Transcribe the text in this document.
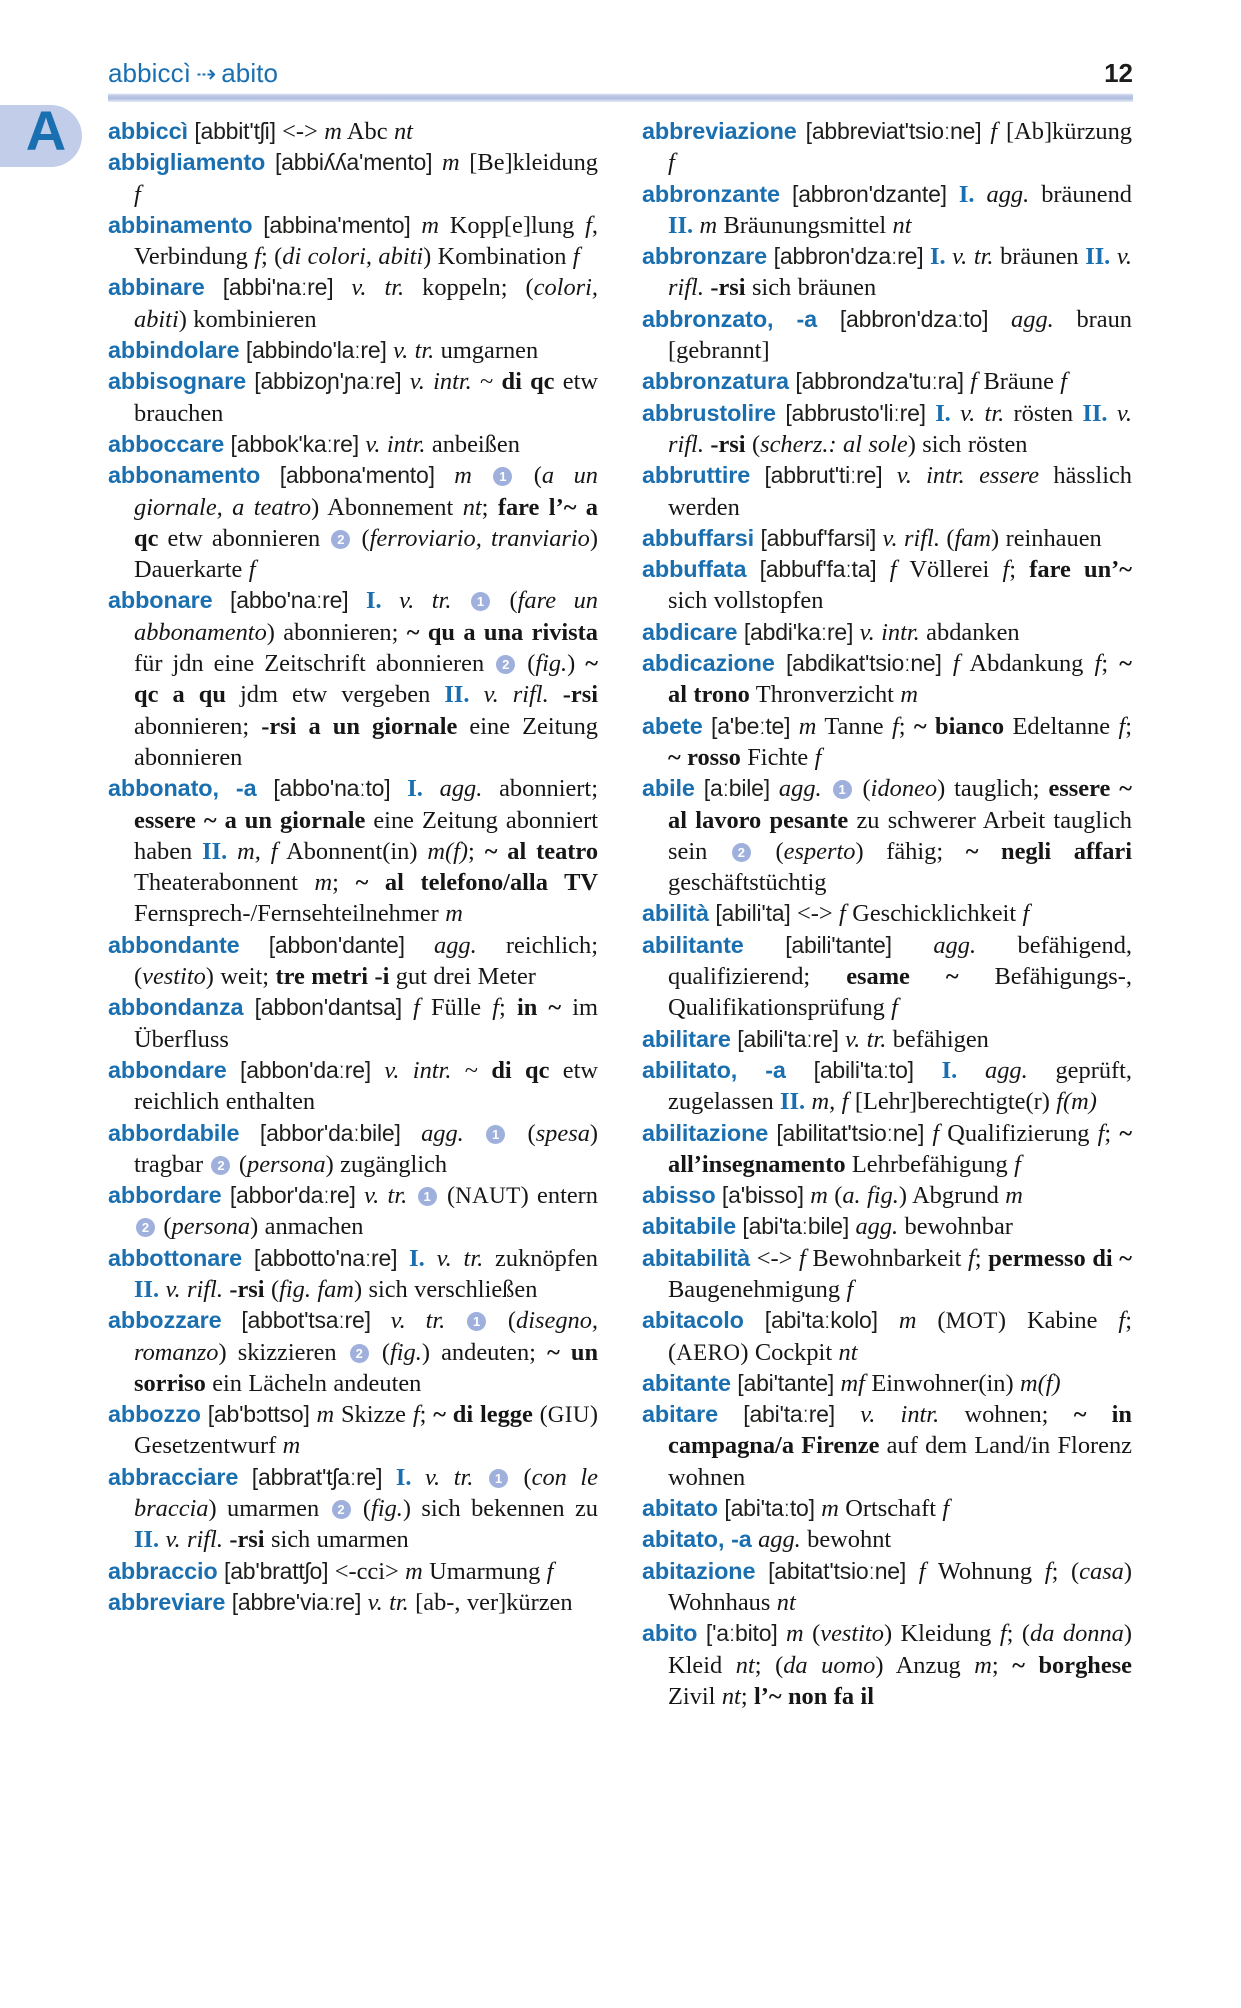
abbiccì ⇢ abito	12
A	abbiccì [abbit'tʃi] <-> m Abc nt

abbigliamento [abbiʎʎa'mento] m [Be]kleidung f

abbinamento [abbina'mento] m Kopp[e]lung f, Verbindung f; (di colori, abiti) Kombination f

abbinare [abbi'naːre] v. tr. koppeln; (colori, abiti) kombinieren

abbindolare [abbindo'laːre] v. tr. umgarnen

abbisognare [abbizoɲ'ɲaːre] v. intr. ~ di qc etw brauchen

abboccare [abbok'kaːre] v. intr. anbeißen

abbonamento [abbona'mento] m 1 (a un giornale, a teatro) Abonnement nt; fare l’~ a qc etw abonnieren 2 (ferroviario, tranviario) Dauerkarte f

abbonare [abbo'naːre] I. v. tr. 1 (fare un abbonamento) abonnieren; ~ qu a una rivista für jdn eine Zeitschrift abonnieren 2 (fig.) ~ qc a qu jdm etw vergeben II. v. rifl. -rsi abonnieren; -rsi a un giornale eine Zeitung abonnieren

abbonato, -a [abbo'naːto] I. agg. abonniert; essere ~ a un giornale eine Zeitung abonniert haben II. m, f Abonnent(in) m(f); ~ al teatro Theaterabonnent m; ~ al telefono/alla TV Fernsprech-/Fernsehteilnehmer m

abbondante [abbon'dante] agg. reichlich; (vestito) weit; tre metri -i gut drei Meter

abbondanza [abbon'dantsa] f Fülle f; in ~ im Überfluss

abbondare [abbon'daːre] v. intr. ~ di qc etw reichlich enthalten

abbordabile [abbor'daːbile] agg. 1 (spesa) tragbar 2 (persona) zugänglich

abbordare [abbor'daːre] v. tr. 1 (NAUT) entern 2 (persona) anmachen

abbottonare [abbotto'naːre] I. v. tr. zuknöpfen II. v. rifl. -rsi (fig. fam) sich verschließen

abbozzare [abbot'tsaːre] v. tr. 1 (disegno, romanzo) skizzieren 2 (fig.) andeuten; ~ un sorriso ein Lächeln andeuten

abbozzo [ab'bɔttso] m Skizze f; ~ di legge (GIU) Gesetzentwurf m

abbracciare [abbrat'tʃaːre] I. v. tr. 1 (con le braccia) umarmen 2 (fig.) sich bekennen zu II. v. rifl. -rsi sich umarmen

abbraccio [ab'brattʃo] <-cci> m Umarmung f

abbreviare [abbre'viaːre] v. tr. [ab-, ver]kürzen

abbreviazione [abbreviat'tsioːne] f [Ab]kürzung f

abbronzante [abbron'dzante] I. agg. bräunend II. m Bräunungsmittel nt

abbronzare [abbron'dzaːre] I. v. tr. bräunen II. v. rifl. -rsi sich bräunen

abbronzato, -a [abbron'dzaːto] agg. braun [gebrannt]

abbronzatura [abbrondza'tuːra] f Bräune f

abbrustolire [abbrusto'liːre] I. v. tr. rösten II. v. rifl. -rsi (scherz.: al sole) sich rösten

abbruttire [abbrut'tiːre] v. intr. essere hässlich werden

abbuffarsi [abbuf'farsi] v. rifl. (fam) reinhauen

abbuffata [abbuf'faːta] f Völlerei f; fare un’~ sich vollstopfen

abdicare [abdi'kaːre] v. intr. abdanken

abdicazione [abdikat'tsioːne] f Abdankung f; ~ al trono Thronverzicht m

abete [a'beːte] m Tanne f; ~ bianco Edeltanne f; ~ rosso Fichte f

abile [aːbile] agg. 1 (idoneo) tauglich; essere ~ al lavoro pesante zu schwerer Arbeit tauglich sein 2 (esperto) fähig; ~ negli affari geschäftstüchtig

abilità [abili'ta] <-> f Geschicklichkeit f

abilitante [abili'tante] agg. befähigend, qualifizierend; esame ~ Befähigungs-, Qualifikationsprüfung f

abilitare [abili'taːre] v. tr. befähigen

abilitato, -a [abili'taːto] I. agg. geprüft, zugelassen II. m, f [Lehr]berechtigte(r) f(m)

abilitazione [abilitat'tsioːne] f Qualifizierung f; ~ all’insegnamento Lehrbefähigung f

abisso [a'bisso] m (a. fig.) Abgrund m

abitabile [abi'taːbile] agg. bewohnbar

abitabilità <-> f Bewohnbarkeit f; permesso di ~ Baugenehmigung f

abitacolo [abi'taːkolo] m (MOT) Kabine f; (AERO) Cockpit nt

abitante [abi'tante] mf Einwohner(in) m(f)

abitare [abi'taːre] v. intr. wohnen; ~ in campagna/a Firenze auf dem Land/in Florenz wohnen

abitato [abi'taːto] m Ortschaft f

abitato, -a agg. bewohnt

abitazione [abitat'tsioːne] f Wohnung f; (casa) Wohnhaus nt

abito ['aːbito] m (vestito) Kleidung f; (da donna) Kleid nt; (da uomo) Anzug m; ~ borghese Zivil nt; l’~ non fa il
